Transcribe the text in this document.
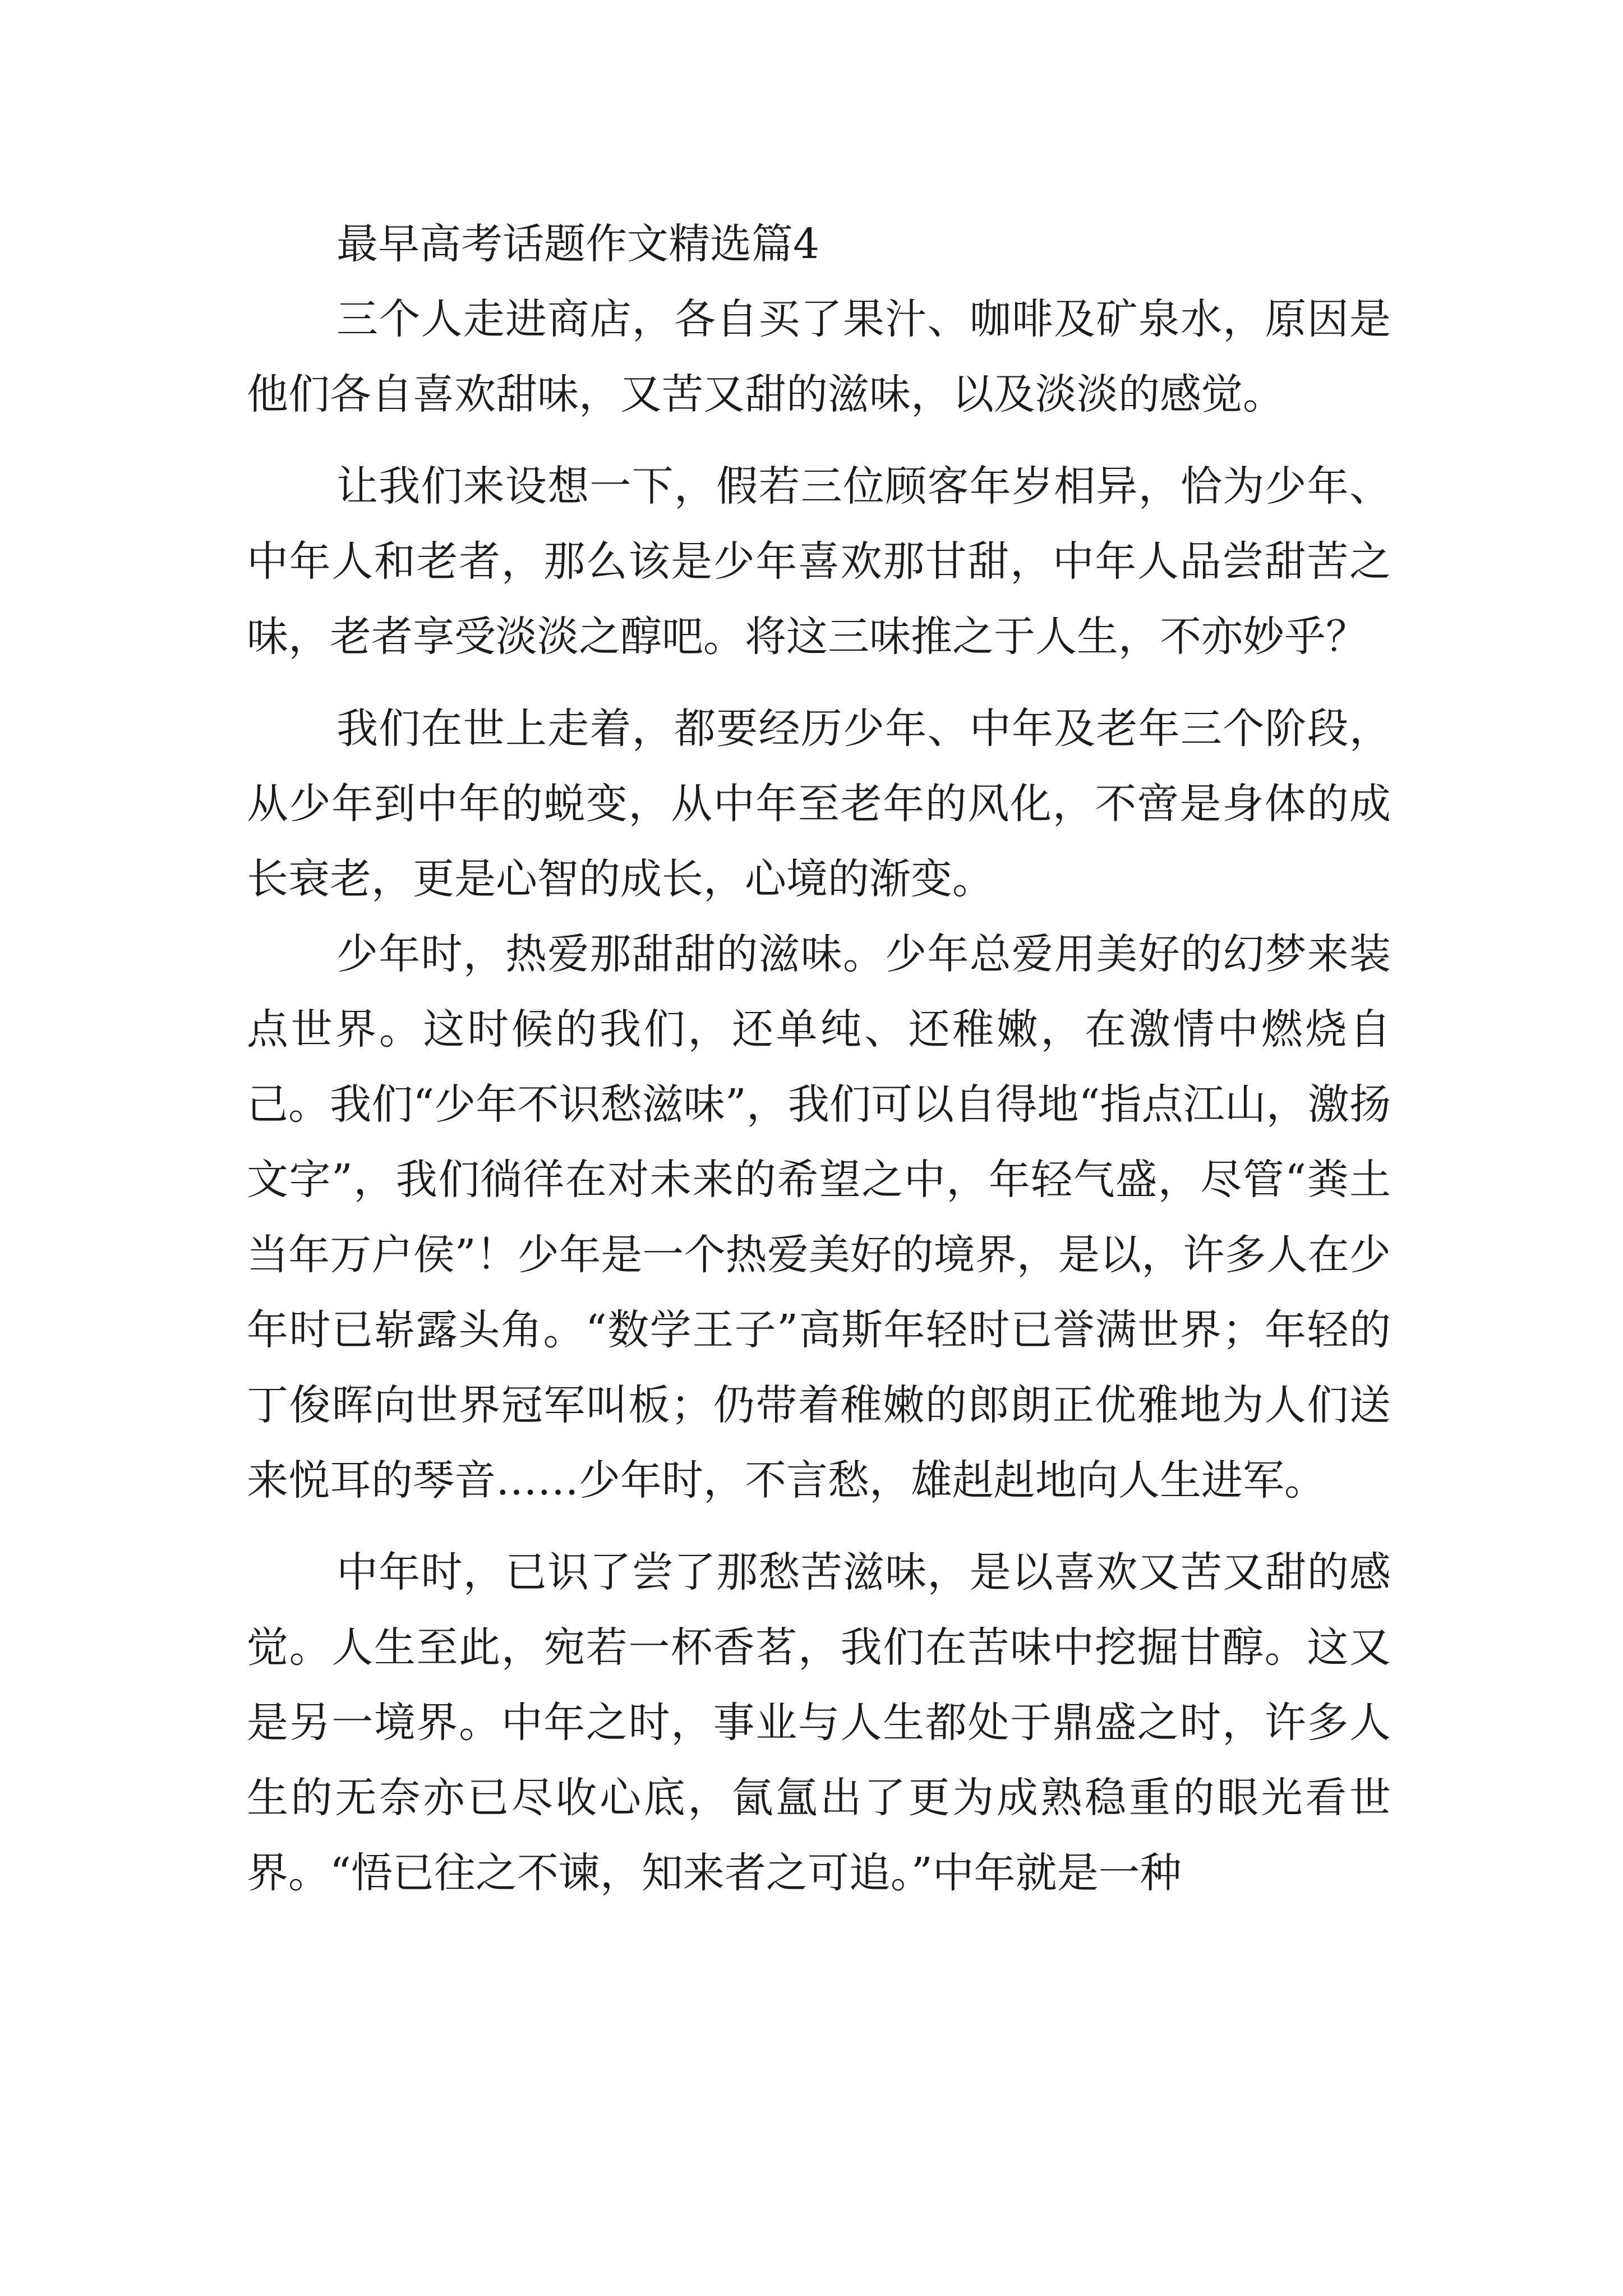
最早高考话题作文精选篇4

三个人走进商店，各自买了果汁、咖啡及矿泉水，原因是他们各自喜欢甜味，又苦又甜的滋味，以及淡淡的感觉。

让我们来设想一下，假若三位顾客年岁相异，恰为少年、中年人和老者，那么该是少年喜欢那甘甜，中年人品尝甜苦之味，老者享受淡淡之醇吧。将这三味推之于人生，不亦妙乎？

我们在世上走着，都要经历少年、中年及老年三个阶段，从少年到中年的蜕变，从中年至老年的风化，不啻是身体的成长衰老，更是心智的成长，心境的渐变。

少年时，热爱那甜甜的滋味。少年总爱用美好的幻梦来装点世界。这时候的我们，还单纯、还稚嫩，在激情中燃烧自己。我们“少年不识愁滋味”，我们可以自得地“指点江山，激扬文字”，我们徜徉在对未来的希望之中，年轻气盛，尽管“粪土当年万户侯”！少年是一个热爱美好的境界，是以，许多人在少年时已崭露头角。“数学王子”高斯年轻时已誉满世界；年轻的丁俊晖向世界冠军叫板；仍带着稚嫩的郎朗正优雅地为人们送来悦耳的琴音……少年时，不言愁，雄赳赳地向人生进军。

中年时，已识了尝了那愁苦滋味，是以喜欢又苦又甜的感觉。人生至此，宛若一杯香茗，我们在苦味中挖掘甘醇。这又是另一境界。中年之时，事业与人生都处于鼎盛之时，许多人生的无奈亦已尽收心底，氤氲出了更为成熟稳重的眼光看世界。“悟已往之不谏，知来者之可追。”中年就是一种
